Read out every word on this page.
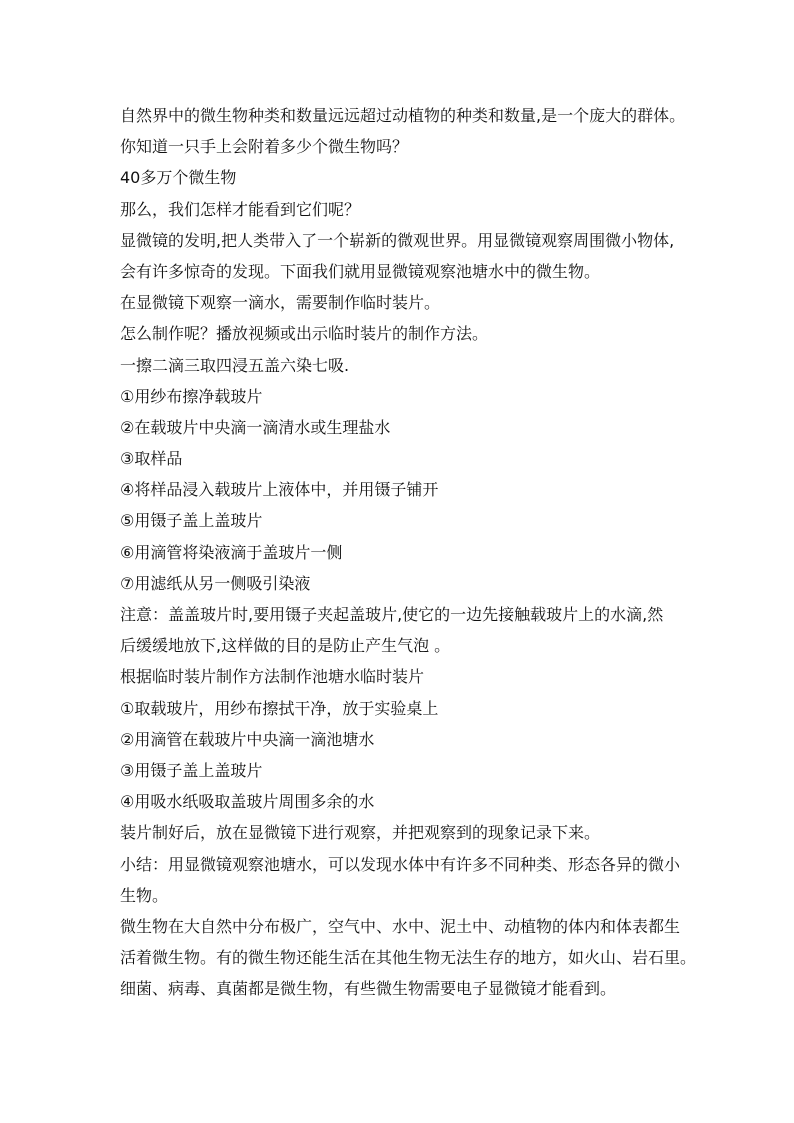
自然界中的微生物种类和数量远远超过动植物的种类和数量,是一个庞大的群体。
你知道一只手上会附着多少个微生物吗？
40多万个微生物
那么，我们怎样才能看到它们呢？
显微镜的发明,把人类带入了一个崭新的微观世界。用显微镜观察周围微小物体,
会有许多惊奇的发现。下面我们就用显微镜观察池塘水中的微生物。
在显微镜下观察一滴水，需要制作临时装片。
怎么制作呢？播放视频或出示临时装片的制作方法。
一擦二滴三取四浸五盖六染七吸.
①用纱布擦净载玻片
②在载玻片中央滴一滴清水或生理盐水
③取样品
④将样品浸入载玻片上液体中，并用镊子铺开
⑤用镊子盖上盖玻片
⑥用滴管将染液滴于盖玻片一侧
⑦用滤纸从另一侧吸引染液
注意：盖盖玻片时,要用镊子夹起盖玻片,使它的一边先接触载玻片上的水滴,然
后缓缓地放下,这样做的目的是防止产生气泡 。
根据临时装片制作方法制作池塘水临时装片
①取载玻片，用纱布擦拭干净，放于实验桌上
②用滴管在载玻片中央滴一滴池塘水
③用镊子盖上盖玻片
④用吸水纸吸取盖玻片周围多余的水
装片制好后，放在显微镜下进行观察，并把观察到的现象记录下来。
小结：用显微镜观察池塘水，可以发现水体中有许多不同种类、形态各异的微小
生物。
微生物在大自然中分布极广，空气中、水中、泥土中、动植物的体内和体表都生
活着微生物。有的微生物还能生活在其他生物无法生存的地方，如火山、岩石里。
细菌、病毒、真菌都是微生物，有些微生物需要电子显微镜才能看到。
